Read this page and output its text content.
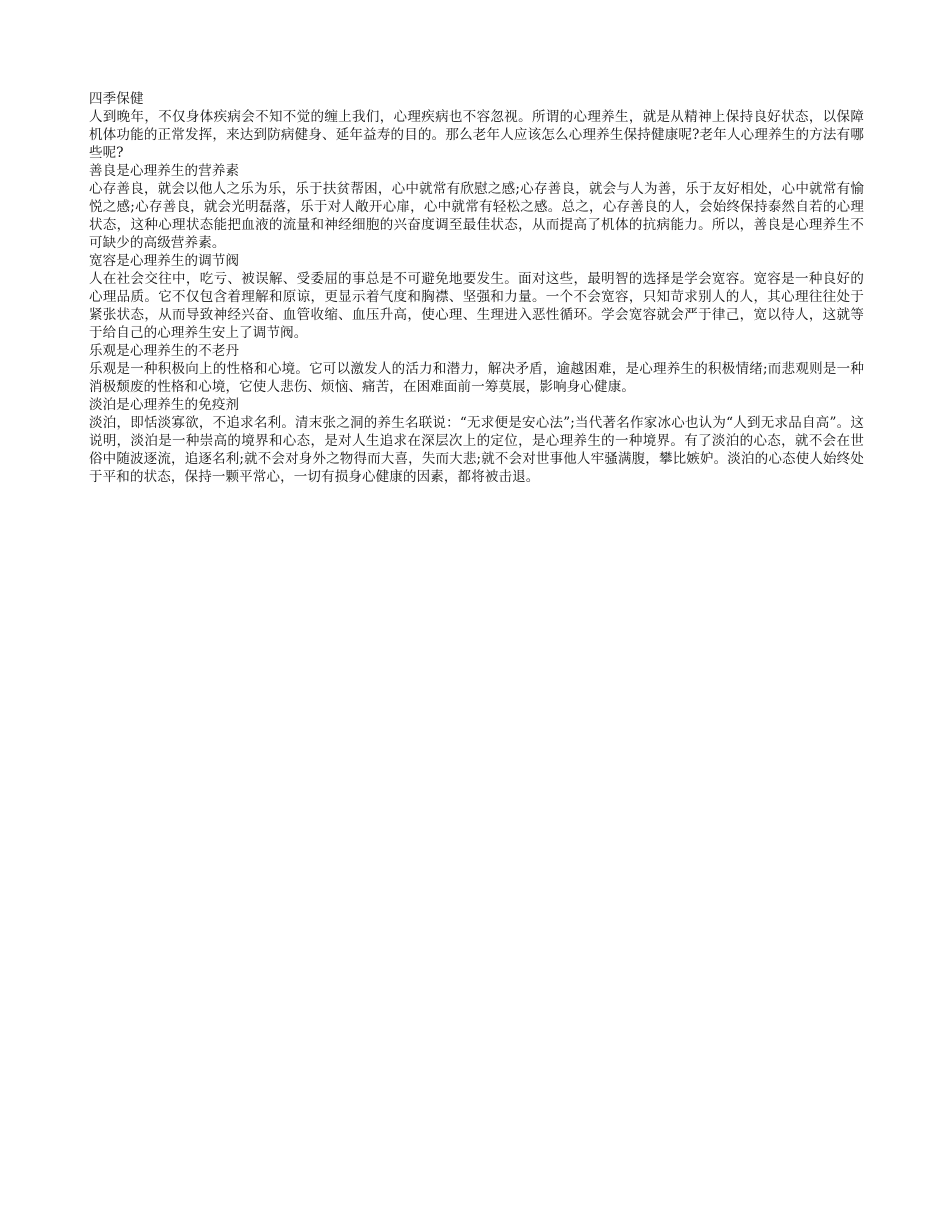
四季保健

人到晚年，不仅身体疾病会不知不觉的缠上我们，心理疾病也不容忽视。所谓的心理养生，就是从精神上保持良好状态，以保障机体功能的正常发挥，来达到防病健身、延年益寿的目的。那么老年人应该怎么心理养生保持健康呢?老年人心理养生的方法有哪些呢?

善良是心理养生的营养素

心存善良，就会以他人之乐为乐，乐于扶贫帮困，心中就常有欣慰之感;心存善良，就会与人为善，乐于友好相处，心中就常有愉悦之感;心存善良，就会光明磊落，乐于对人敞开心扉，心中就常有轻松之感。总之，心存善良的人，会始终保持泰然自若的心理状态，这种心理状态能把血液的流量和神经细胞的兴奋度调至最佳状态，从而提高了机体的抗病能力。所以，善良是心理养生不可缺少的高级营养素。

宽容是心理养生的调节阀

人在社会交往中，吃亏、被误解、受委屈的事总是不可避免地要发生。面对这些，最明智的选择是学会宽容。宽容是一种良好的心理品质。它不仅包含着理解和原谅，更显示着气度和胸襟、坚强和力量。一个不会宽容，只知苛求别人的人，其心理往往处于紧张状态，从而导致神经兴奋、血管收缩、血压升高，使心理、生理进入恶性循环。学会宽容就会严于律己，宽以待人，这就等于给自己的心理养生安上了调节阀。

乐观是心理养生的不老丹

乐观是一种积极向上的性格和心境。它可以激发人的活力和潜力，解决矛盾，逾越困难，是心理养生的积极情绪;而悲观则是一种消极颓废的性格和心境，它使人悲伤、烦恼、痛苦，在困难面前一筹莫展，影响身心健康。

淡泊是心理养生的免疫剂

淡泊，即恬淡寡欲，不追求名利。清末张之洞的养生名联说：“无求便是安心法”;当代著名作家冰心也认为“人到无求品自高”。这说明，淡泊是一种崇高的境界和心态，是对人生追求在深层次上的定位，是心理养生的一种境界。有了淡泊的心态，就不会在世俗中随波逐流，追逐名利;就不会对身外之物得而大喜，失而大悲;就不会对世事他人牢骚满腹，攀比嫉妒。淡泊的心态使人始终处于平和的状态，保持一颗平常心，一切有损身心健康的因素，都将被击退。
